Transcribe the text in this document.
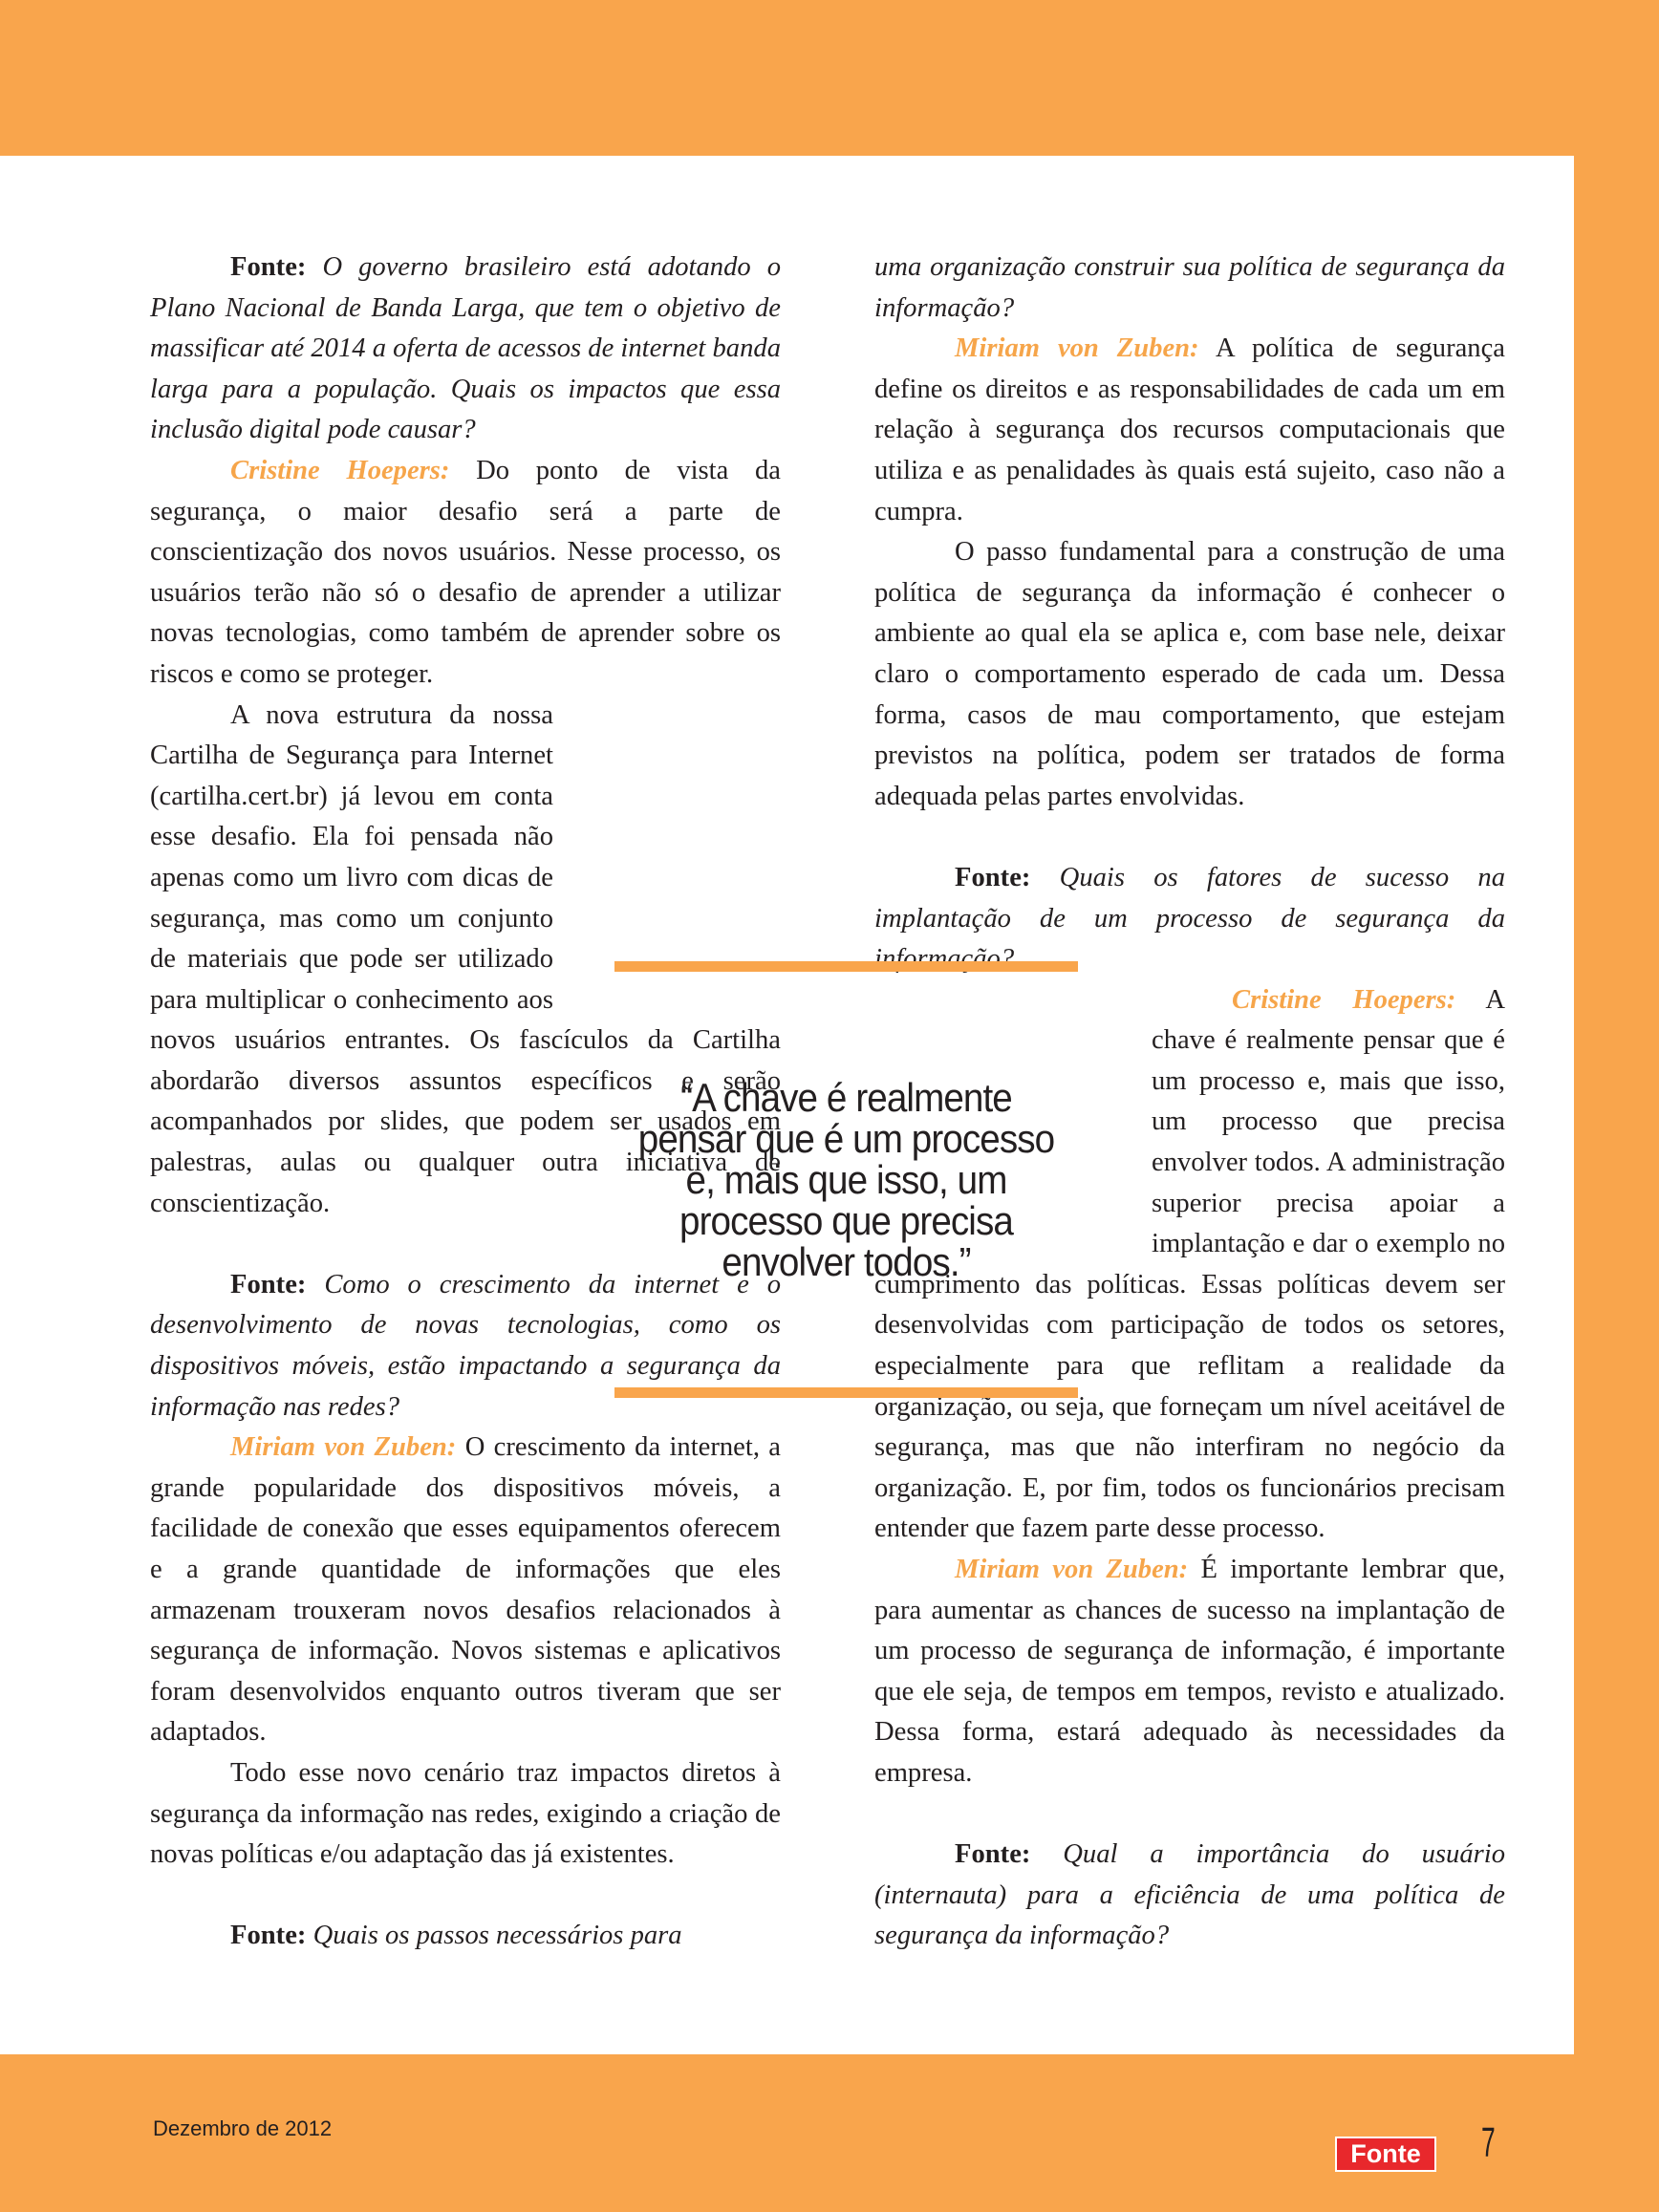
Fonte: O governo brasileiro está adotando o Plano Nacional de Banda Larga, que tem o objetivo de massificar até 2014 a oferta de acessos de internet banda larga para a população. Quais os impactos que essa inclusão digital pode causar?

Cristine Hoepers: Do ponto de vista da segurança, o maior desafio será a parte de conscientização dos novos usuários. Nesse processo, os usuários terão não só o desafio de aprender a utilizar novas tecnologias, como também de aprender sobre os riscos e como se proteger.

A nova estrutura da nossa Cartilha de Segurança para Internet (cartilha.cert.br) já levou em conta esse desafio. Ela foi pensada não apenas como um livro com dicas de segurança, mas como um conjunto de materiais que pode ser utilizado para multiplicar o conhecimento aos novos usuários entrantes. Os fascículos da Cartilha abordarão diversos assuntos específicos e serão acompanhados por slides, que podem ser usados em palestras, aulas ou qualquer outra iniciativa de conscientização.

Fonte: Como o crescimento da internet e o desenvolvimento de novas tecnologias, como os dispositivos móveis, estão impactando a segurança da informação nas redes?

Miriam von Zuben: O crescimento da internet, a grande popularidade dos dispositivos móveis, a facilidade de conexão que esses equipamentos oferecem e a grande quantidade de informações que eles armazenam trouxeram novos desafios relacionados à segurança de informação. Novos sistemas e aplicativos foram desenvolvidos enquanto outros tiveram que ser adaptados.

Todo esse novo cenário traz impactos diretos à segurança da informação nas redes, exigindo a criação de novas políticas e/ou adaptação das já existentes.

Fonte: Quais os passos necessários para

uma organização construir sua política de segurança da informação?

Miriam von Zuben: A política de segurança define os direitos e as responsabilidades de cada um em relação à segurança dos recursos computacionais que utiliza e as penalidades às quais está sujeito, caso não a cumpra.

O passo fundamental para a construção de uma política de segurança da informação é conhecer o ambiente ao qual ela se aplica e, com base nele, deixar claro o comportamento esperado de cada um. Dessa forma, casos de mau comportamento, que estejam previstos na política, podem ser tratados de forma adequada pelas partes envolvidas.

Fonte: Quais os fatores de sucesso na implantação de um processo de segurança da informação?

Cristine Hoepers: A chave é realmente pensar que é um processo e, mais que isso, um processo que precisa envolver todos. A administração superior precisa apoiar a implantação e dar o exemplo no cumprimento das políticas. Essas políticas devem ser desenvolvidas com participação de todos os setores, especialmente para que reflitam a realidade da organização, ou seja, que forneçam um nível aceitável de segurança, mas que não interfiram no negócio da organização. E, por fim, todos os funcionários precisam entender que fazem parte desse processo.

Miriam von Zuben: É importante lembrar que, para aumentar as chances de sucesso na implantação de um processo de segurança de informação, é importante que ele seja, de tempos em tempos, revisto e atualizado. Dessa forma, estará adequado às necessidades da empresa.

Fonte: Qual a importância do usuário (internauta) para a eficiência de uma política de segurança da informação?

“A chave é realmente pensar que é um processo e, mais que isso, um processo que precisa envolver todos.”
Dezembro de 2012
Fonte	7
